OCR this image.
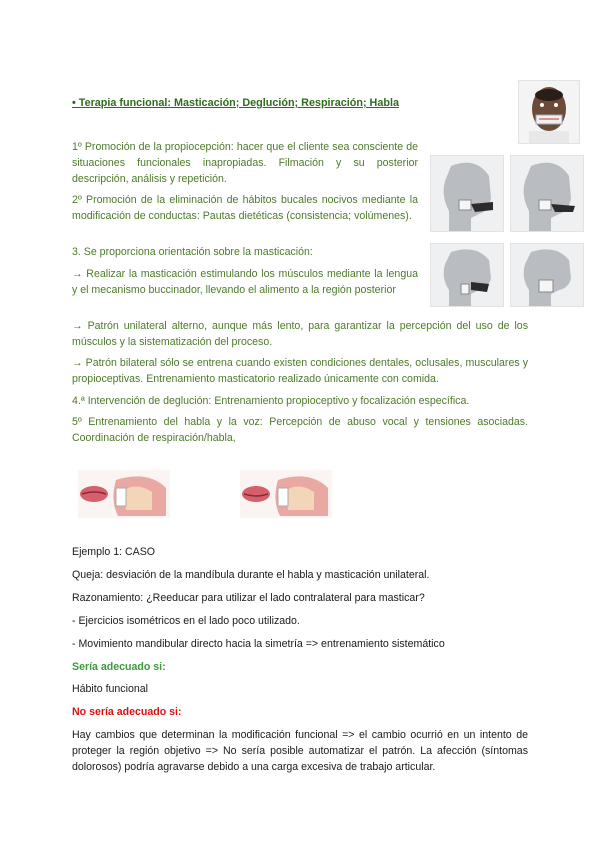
• Terapia funcional: Masticación; Deglución; Respiración; Habla

1º Promoción de la propiocepción: hacer que el cliente sea consciente de situaciones funcionales inapropiadas. Filmación y su posterior descripción, análisis y repetición.

2º Promoción de la eliminación de hábitos bucales nocivos mediante la modificación de conductas: Pautas dietéticas (consistencia; volúmenes).

3. Se proporciona orientación sobre la masticación:

→ Realizar la masticación estimulando los músculos mediante la lengua y el mecanismo buccinador, llevando el alimento a la región posterior

→ Patrón unilateral alterno, aunque más lento, para garantizar la percepción del uso de los músculos y la sistematización del proceso.

→ Patrón bilateral sólo se entrena cuando existen condiciones dentales, oclusales, musculares y propioceptivas. Entrenamiento masticatorio realizado únicamente con comida.

4.ª Intervención de deglución: Entrenamiento propioceptivo y focalización específica.

5º Entrenamiento del habla y la voz: Percepción de abuso vocal y tensiones asociadas. Coordinación de respiración/habla,

Ejemplo 1: CASO

Queja: desviación de la mandíbula durante el habla y masticación unilateral.

Razonamiento: ¿Reeducar para utilizar el lado contralateral para masticar?

- Ejercicios isométricos en el lado poco utilizado.

- Movimiento mandibular directo hacia la simetría => entrenamiento sistemático

Sería adecuado si:

Hábito funcional

No sería adecuado si:

Hay cambios que determinan la modificación funcional => el cambio ocurrió en un intento de proteger la región objetivo => No sería posible automatizar el patrón. La afección (síntomas dolorosos) podría agravarse debido a una carga excesiva de trabajo articular.
